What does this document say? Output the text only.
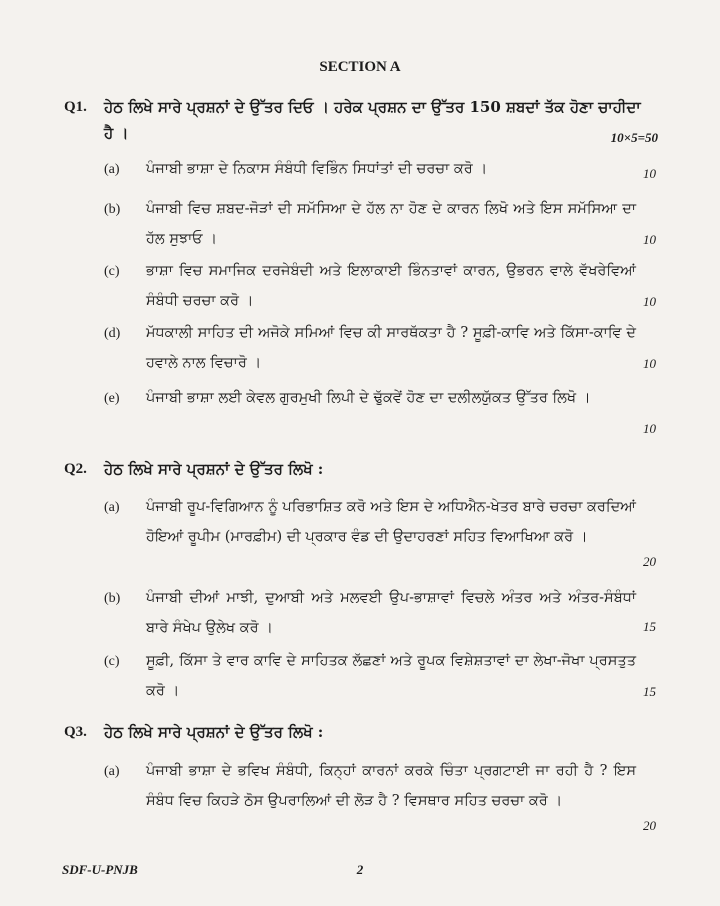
SECTION A
Q1. ਹੇਠ ਲਿਖੇ ਸਾਰੇ ਪ੍ਰਸ਼ਨਾਂ ਦੇ ਉੱਤਰ ਦਿਓ । ਹਰੇਕ ਪ੍ਰਸ਼ਨ ਦਾ ਉੱਤਰ 150 ਸ਼ਬਦਾਂ ਤੱਕ ਹੋਣਾ ਚਾਹੀਦਾ ਹੈ ।	10×5=50
(a) ਪੰਜਾਬੀ ਭਾਸ਼ਾ ਦੇ ਨਿਕਾਸ ਸੰਬੰਧੀ ਵਿਭਿੰਨ ਸਿਧਾਂਤਾਂ ਦੀ ਚਰਚਾ ਕਰੋ ।	10
(b) ਪੰਜਾਬੀ ਵਿਚ ਸ਼ਬਦ-ਜੋੜਾਂ ਦੀ ਸਮੱਸਿਆ ਦੇ ਹੱਲ ਨਾ ਹੋਣ ਦੇ ਕਾਰਨ ਲਿਖੋ ਅਤੇ ਇਸ ਸਮੱਸਿਆ ਦਾ ਹੱਲ ਸੁਝਾਓ ।	10
(c) ਭਾਸ਼ਾ ਵਿਚ ਸਮਾਜਿਕ ਦਰਜੇਬੰਦੀ ਅਤੇ ਇਲਾਕਾਈ ਭਿੰਨਤਾਵਾਂ ਕਾਰਨ, ਉਭਰਨ ਵਾਲੇ ਵੱਖਰੇਵਿਆਂ ਸੰਬੰਧੀ ਚਰਚਾ ਕਰੋ ।	10
(d) ਮੱਧਕਾਲੀ ਸਾਹਿਤ ਦੀ ਅਜੋਕੇ ਸਮਿਆਂ ਵਿਚ ਕੀ ਸਾਰਥੱਕਤਾ ਹੈ ? ਸੂਫ਼ੀ-ਕਾਵਿ ਅਤੇ ਕਿੱਸਾ-ਕਾਵਿ ਦੇ ਹਵਾਲੇ ਨਾਲ ਵਿਚਾਰੋ ।	10
(e) ਪੰਜਾਬੀ ਭਾਸ਼ਾ ਲਈ ਕੇਵਲ ਗੁਰਮੁਖੀ ਲਿਪੀ ਦੇ ਢੁੱਕਵੇਂ ਹੋਣ ਦਾ ਦਲੀਲਯੁੱਕਤ ਉੱਤਰ ਲਿਖੋ ।
10
Q2. ਹੇਠ ਲਿਖੇ ਸਾਰੇ ਪ੍ਰਸ਼ਨਾਂ ਦੇ ਉੱਤਰ ਲਿਖੋ :
(a) ਪੰਜਾਬੀ ਰੂਪ-ਵਿਗਿਆਨ ਨੂੰ ਪਰਿਭਾਸ਼ਿਤ ਕਰੋ ਅਤੇ ਇਸ ਦੇ ਅਧਿਐਨ-ਖੇਤਰ ਬਾਰੇ ਚਰਚਾ ਕਰਦਿਆਂ ਹੋਇਆਂ ਰੂਪੀਮ (ਮਾਰਫ਼ੀਮ) ਦੀ ਪ੍ਰਕਾਰ ਵੰਡ ਦੀ ਉਦਾਹਰਣਾਂ ਸਹਿਤ ਵਿਆਖਿਆ ਕਰੋ ।
20
(b) ਪੰਜਾਬੀ ਦੀਆਂ ਮਾਝੀ, ਦੁਆਬੀ ਅਤੇ ਮਲਵਈ ਉਪ-ਭਾਸ਼ਾਵਾਂ ਵਿਚਲੇ ਅੰਤਰ ਅਤੇ ਅੰਤਰ-ਸੰਬੰਧਾਂ ਬਾਰੇ ਸੰਖੇਪ ਉਲੇਖ ਕਰੋ ।	15
(c) ਸੂਫ਼ੀ, ਕਿੱਸਾ ਤੇ ਵਾਰ ਕਾਵਿ ਦੇ ਸਾਹਿਤਕ ਲੱਛਣਾਂ ਅਤੇ ਰੂਪਕ ਵਿਸ਼ੇਸ਼ਤਾਵਾਂ ਦਾ ਲੇਖਾ-ਜੋਖਾ ਪ੍ਰਸਤੁਤ ਕਰੋ ।	15
Q3. ਹੇਠ ਲਿਖੇ ਸਾਰੇ ਪ੍ਰਸ਼ਨਾਂ ਦੇ ਉੱਤਰ ਲਿਖੋ :
(a) ਪੰਜਾਬੀ ਭਾਸ਼ਾ ਦੇ ਭਵਿਖ ਸੰਬੰਧੀ, ਕਿਨ੍ਹਾਂ ਕਾਰਨਾਂ ਕਰਕੇ ਚਿੰਤਾ ਪ੍ਰਗਟਾਈ ਜਾ ਰਹੀ ਹੈ ? ਇਸ ਸੰਬੰਧ ਵਿਚ ਕਿਹੜੇ ਠੋਸ ਉਪਰਾਲਿਆਂ ਦੀ ਲੋੜ ਹੈ ? ਵਿਸਥਾਰ ਸਹਿਤ ਚਰਚਾ ਕਰੋ ।
20
SDF-U-PNJB	2
